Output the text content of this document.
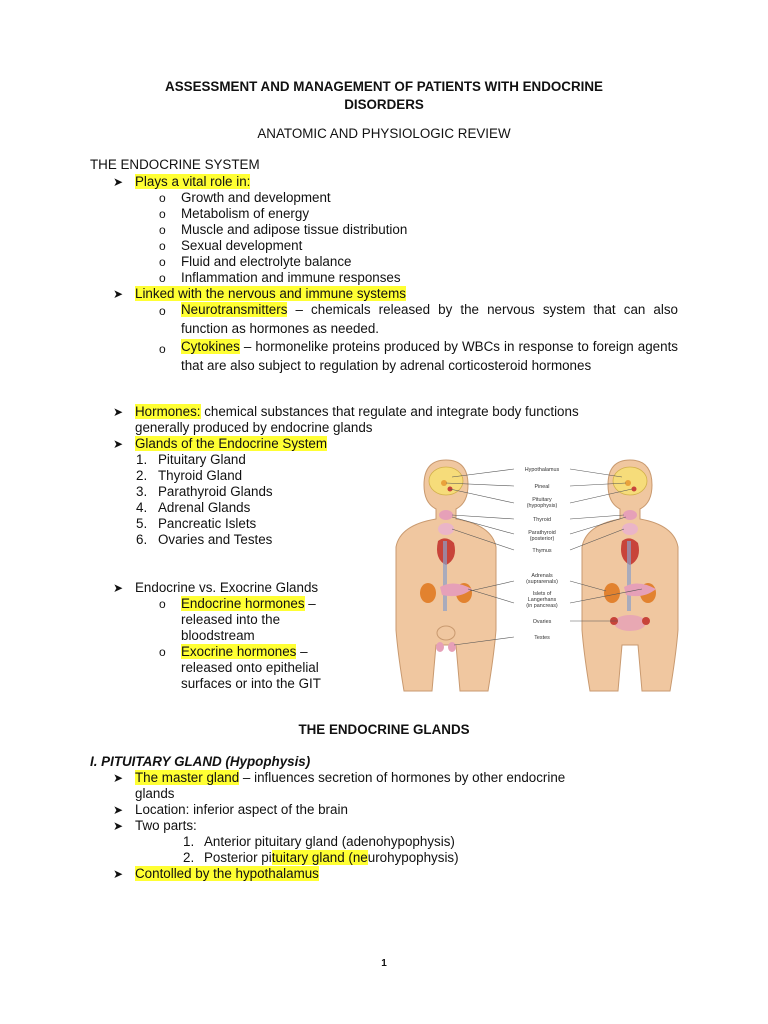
ASSESSMENT AND MANAGEMENT OF PATIENTS WITH ENDOCRINE
DISORDERS
ANATOMIC AND PHYSIOLOGIC REVIEW
THE ENDOCRINE SYSTEM
➤ Plays a vital role in:
o Growth and development
o Metabolism of energy
o Muscle and adipose tissue distribution
o Sexual development
o Fluid and electrolyte balance
o Inflammation and immune responses
➤ Linked with the nervous and immune systems
o Neurotransmitters – chemicals released by the nervous system that can also function as hormones as needed.
o Cytokines – hormonelike proteins produced by WBCs in response to foreign agents that are also subject to regulation by adrenal corticosteroid hormones
➤ Hormones: chemical substances that regulate and integrate body functions
generally produced by endocrine glands
➤ Glands of the Endocrine System
1. Pituitary Gland
2. Thyroid Gland
3. Parathyroid Glands
4. Adrenal Glands
5. Pancreatic Islets
6. Ovaries and Testes
➤ Endocrine vs. Exocrine Glands
o Endocrine hormones –
released into the
bloodstream
o Exocrine hormones –
released onto epithelial
surfaces or into the GIT
Hypothalamus
Pineal
Pituitary
(hypophysis)
Thyroid
Parathyroid
(posterior)
Thymus
Adrenals
(suprarenals)
Islets of
Langerhans
(in pancreas)
Ovaries
Testes
THE ENDOCRINE GLANDS
I. PITUITARY GLAND (Hypophysis)
➤ The master gland – influences secretion of hormones by other endocrine
glands
➤ Location: inferior aspect of the brain
➤ Two parts:
1. Anterior pituitary gland (adenohypophysis)
2. Posterior pituitary gland (neurohypophysis)
➤ Contolled by the hypothalamus
1
